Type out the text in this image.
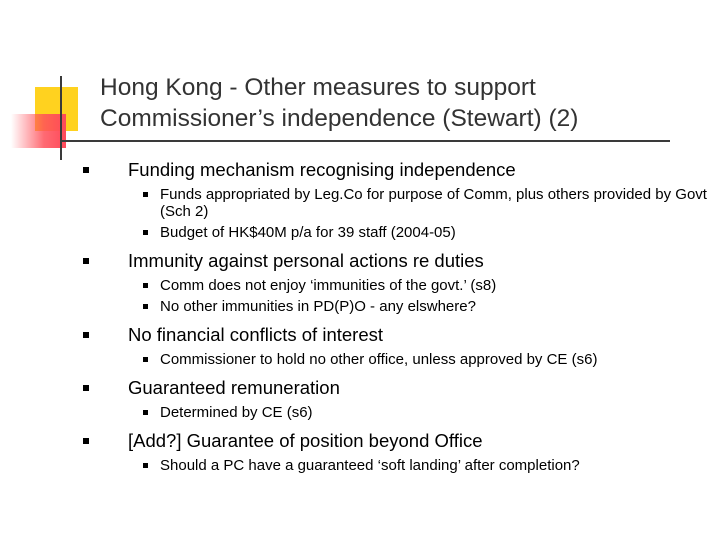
Hong Kong - Other measures to support
Commissioner’s independence (Stewart) (2)
Funding mechanism recognising independence
Funds appropriated by Leg.Co for purpose of Comm, plus others provided by Govt (Sch 2)
Budget of HK$40M p/a for 39 staff (2004-05)
Immunity against personal actions re duties
Comm does not enjoy ‘immunities of the govt.’ (s8)
No other immunities in PD(P)O - any elswhere?
No financial conflicts of interest
Commissioner to hold no other office, unless approved by CE (s6)
Guaranteed remuneration
Determined by CE (s6)
[Add?] Guarantee of position beyond Office
Should a PC have a guaranteed ‘soft landing’ after completion?
